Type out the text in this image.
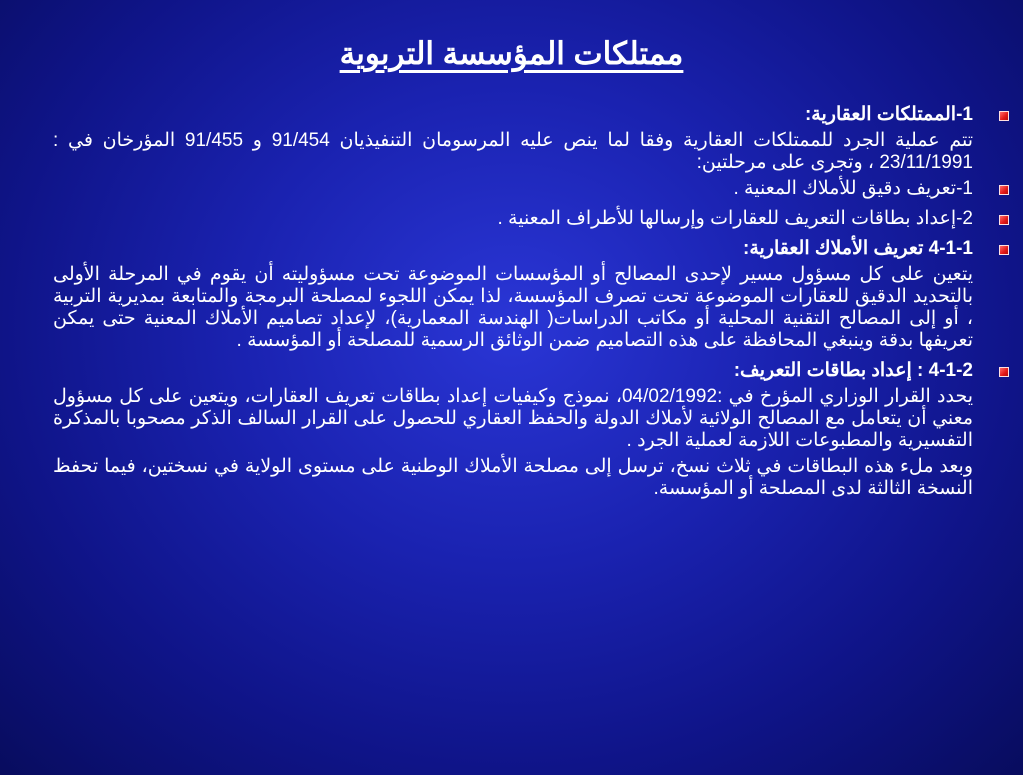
ممتلكات المؤسسة التربوية
1-الممتلكات العقارية:
تتم عملية الجرد للممتلكات العقارية وفقا لما ينص عليه المرسومان التنفيذيان 91/454 و 91/455 المؤرخان في : 23/11/1991 ، وتجرى على مرحلتين:
1-تعريف دقيق للأملاك المعنية .
2-إعداد بطاقات التعريف للعقارات وإرسالها للأطراف المعنية .
4-1-1 تعريف الأملاك العقارية:
يتعين على كل مسؤول مسير لإحدى المصالح أو المؤسسات الموضوعة تحت مسؤوليته أن يقوم في المرحلة الأولى بالتحديد الدقيق للعقارات الموضوعة تحت تصرف المؤسسة، لذا يمكن اللجوء لمصلحة البرمجة والمتابعة بمديرية التربية ، أو إلى المصالح التقنية المحلية أو مكاتب الدراسات( الهندسة المعمارية)، لإعداد تصاميم الأملاك المعنية حتى يمكن تعريفها بدقة وينبغي المحافظة على هذه التصاميم ضمن الوثائق الرسمية للمصلحة أو المؤسسة .
4-1-2 : إعداد بطاقات التعريف:
يحدد القرار الوزاري المؤرخ في :04/02/1992، نموذج وكيفيات إعداد بطاقات تعريف العقارات، ويتعين على كل مسؤول معني أن يتعامل مع المصالح الولائية لأملاك الدولة والحفظ العقاري للحصول على القرار السالف الذكر مصحوبا بالمذكرة التفسيرية والمطبوعات اللازمة لعملية الجرد .
وبعد ملء هذه البطاقات في ثلاث نسخ، ترسل إلى مصلحة الأملاك الوطنية على مستوى الولاية في نسختين، فيما تحفظ النسخة الثالثة لدى المصلحة أو المؤسسة.
